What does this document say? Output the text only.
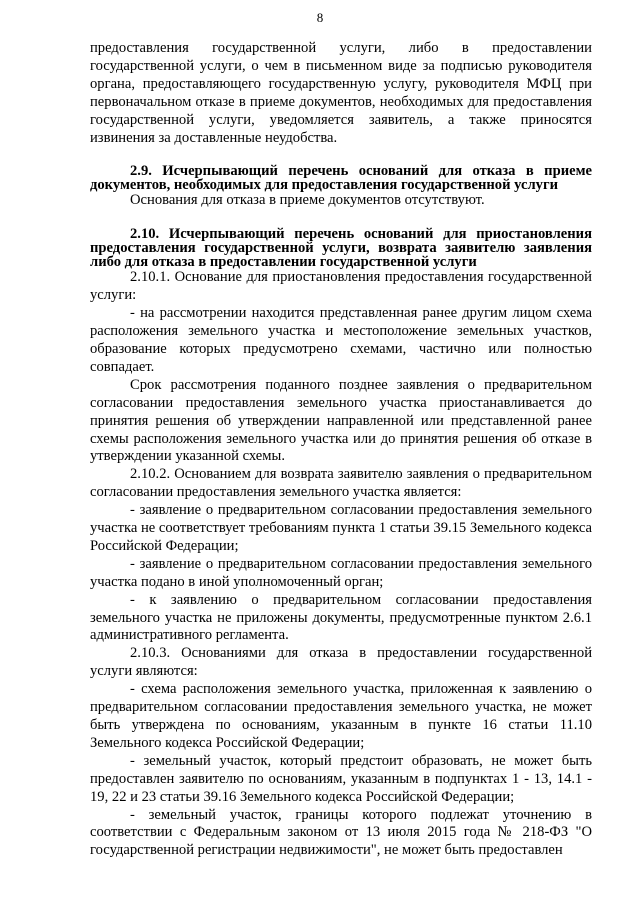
8

предоставления государственной услуги, либо в предоставлении государственной услуги, о чем в письменном виде за подписью руководителя органа, предоставляющего государственную услугу, руководителя МФЦ при первоначальном отказе в приеме документов, необходимых для предоставления государственной услуги, уведомляется заявитель, а также приносятся извинения за доставленные неудобства.

2.9. Исчерпывающий перечень оснований для отказа в приеме документов, необходимых для предоставления государственной услуги

Основания для отказа в приеме документов отсутствуют.

2.10. Исчерпывающий перечень оснований для приостановления предоставления государственной услуги, возврата заявителю заявления либо для отказа в предоставлении государственной услуги

2.10.1. Основание для приостановления предоставления государственной услуги:

- на рассмотрении находится представленная ранее другим лицом схема расположения земельного участка и местоположение земельных участков, образование которых предусмотрено схемами, частично или полностью совпадает.

Срок рассмотрения поданного позднее заявления о предварительном согласовании предоставления земельного участка приостанавливается до принятия решения об утверждении направленной или представленной ранее схемы расположения земельного участка или до принятия решения об отказе в утверждении указанной схемы.

2.10.2. Основанием для возврата заявителю заявления о предварительном согласовании предоставления земельного участка является:

- заявление о предварительном согласовании предоставления земельного участка не соответствует требованиям пункта 1 статьи 39.15 Земельного кодекса Российской Федерации;

- заявление о предварительном согласовании предоставления земельного участка подано в иной уполномоченный орган;

- к заявлению о предварительном согласовании предоставления земельного участка не приложены документы, предусмотренные пунктом 2.6.1 административного регламента.

2.10.3. Основаниями для отказа в предоставлении государственной услуги являются:

- схема расположения земельного участка, приложенная к заявлению о предварительном согласовании предоставления земельного участка, не может быть утверждена по основаниям, указанным в пункте 16 статьи 11.10 Земельного кодекса Российской Федерации;

- земельный участок, который предстоит образовать, не может быть предоставлен заявителю по основаниям, указанным в подпунктах 1 - 13, 14.1 - 19, 22 и 23 статьи 39.16 Земельного кодекса Российской Федерации;

- земельный участок, границы которого подлежат уточнению в соответствии с Федеральным законом от 13 июля 2015 года № 218-ФЗ "О государственной регистрации недвижимости", не может быть предоставлен
